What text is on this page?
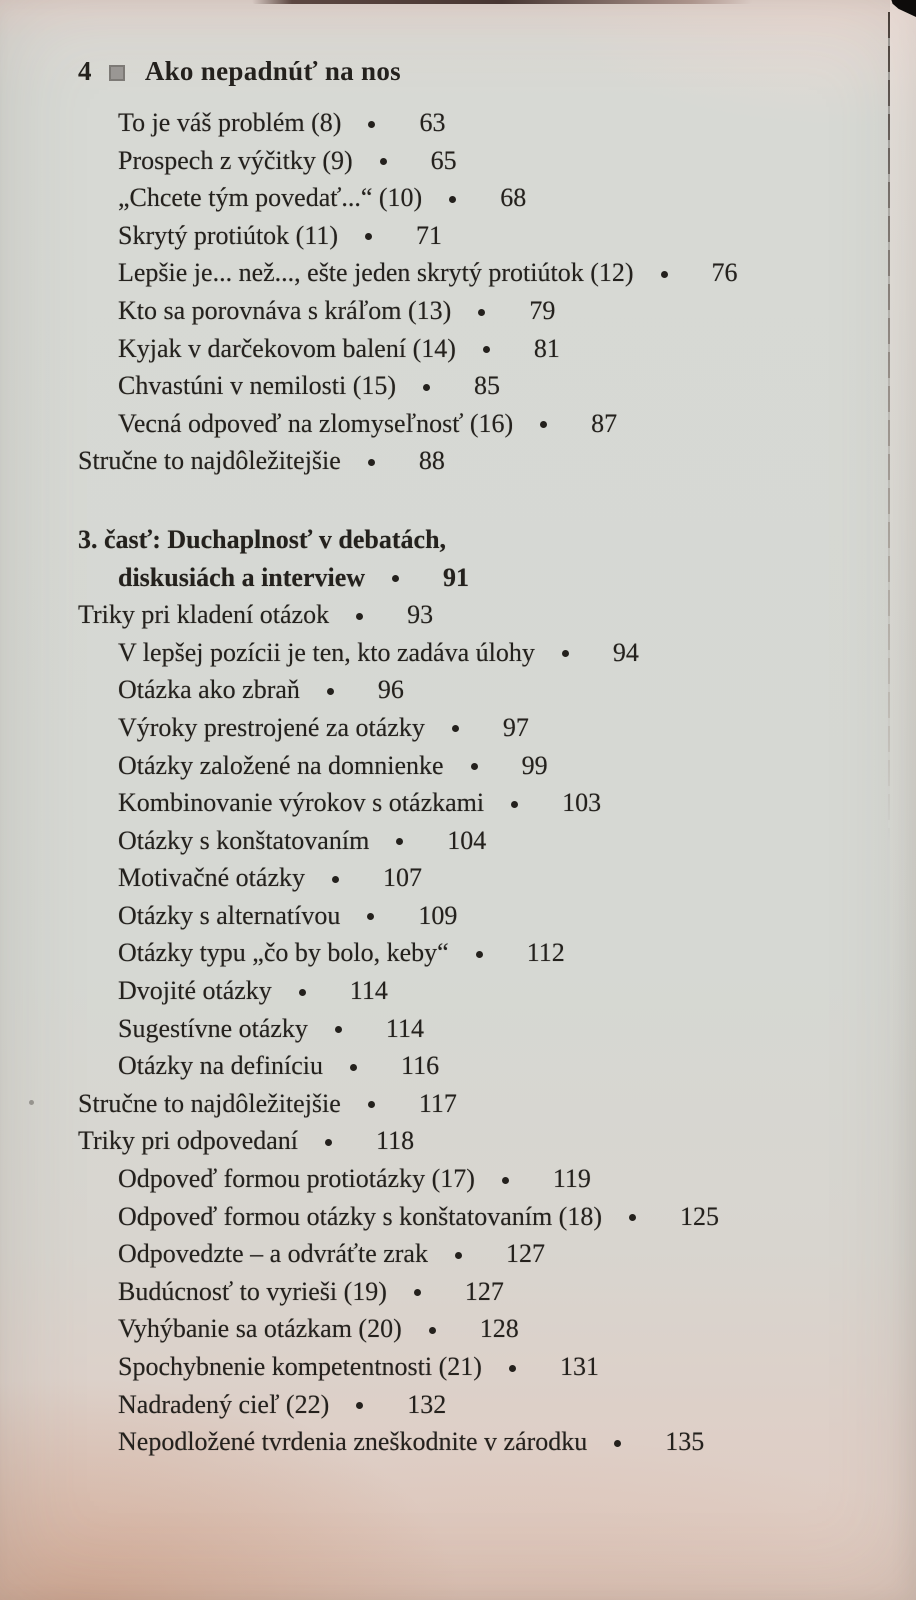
4 Ako nepadnúť na nos
To je váš problém (8)	63
Prospech z výčitky (9)	65
„Chcete tým povedať...“ (10)	68
Skrytý protiútok (11)	71
Lepšie je... než..., ešte jeden skrytý protiútok (12)	76
Kto sa porovnáva s kráľom (13)	79
Kyjak v darčekovom balení (14)	81
Chvastúni v nemilosti (15)	85
Vecná odpoveď na zlomyseľnosť (16)	87
Stručne to najdôležitejšie	88
3. časť: Duchaplnosť v debatách,
diskusiách a interview	91
Triky pri kladení otázok	93
V lepšej pozícii je ten, kto zadáva úlohy	94
Otázka ako zbraň	96
Výroky prestrojené za otázky	97
Otázky založené na domnienke	99
Kombinovanie výrokov s otázkami	103
Otázky s konštatovaním	104
Motivačné otázky	107
Otázky s alternatívou	109
Otázky typu „čo by bolo, keby“	112
Dvojité otázky	114
Sugestívne otázky	114
Otázky na definíciu	116
Stručne to najdôležitejšie	117
Triky pri odpovedaní	118
Odpoveď formou protiotázky (17)	119
Odpoveď formou otázky s konštatovaním (18)	125
Odpovedzte – a odvráťte zrak	127
Budúcnosť to vyrieši (19)	127
Vyhýbanie sa otázkam (20)	128
Spochybnenie kompetentnosti (21)	131
Nadradený cieľ (22)	132
Nepodložené tvrdenia zneškodnite v zárodku	135
